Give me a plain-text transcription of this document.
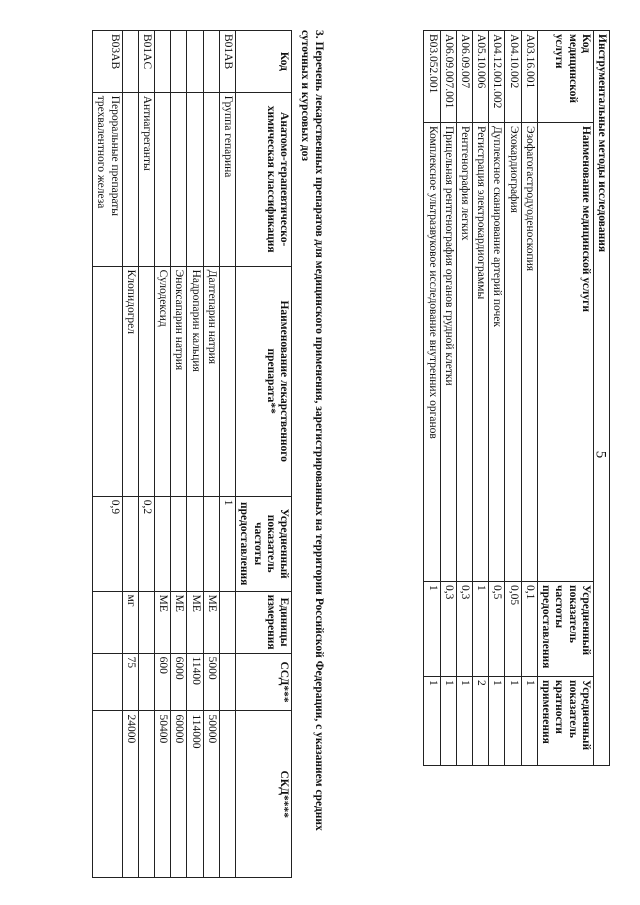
5
Инструментальные методы исследования			
Код медицинской услуги	Наименование медицинской услуги	Усредненный показатель частоты предоставления	Усредненный показатель кратности применения
A03.16.001	Эзофагогастродуоденоскопия	0,1	1
A04.10.002	Эхокардиография	0,05	1
A04.12.001.002	Дуплексное сканирование артерий почек	0,5	1
A05.10.006	Регистрация электрокардиограммы	1	2
A06.09.007	Рентгенография легких	0,3	1
A06.09.007.001	Прицельная рентгенография органов грудной клетки	0,3	1
B03.052.001	Комплексное ультразвуковое исследование внутренних органов	1	1
3. Перечень лекарственных препаратов для медицинского применения, зарегистрированных на территории Российской Федерации, с указанием средних суточных и курсовых доз
Код	Анатомо-терапевтическо-химическая классификация	Наименование лекарственного препарата**	Усредненный показатель частоты предоставления	Единицы измерения	ССД***	СКД****
B01AB	Группа гепарина		1			
		Далтепарин натрия		МЕ	5000	50000
		Надропарин кальция		МЕ	11400	114000
		Эноксапарин натрия		МЕ	6000	60000
		Сулодексид		МЕ	600	50400
B01AC	Антиагреганты		0,2			
		Клопидогрел		мг	75	24000
B03AB	Пероральные препараты трехвалентного железа		0,9			
